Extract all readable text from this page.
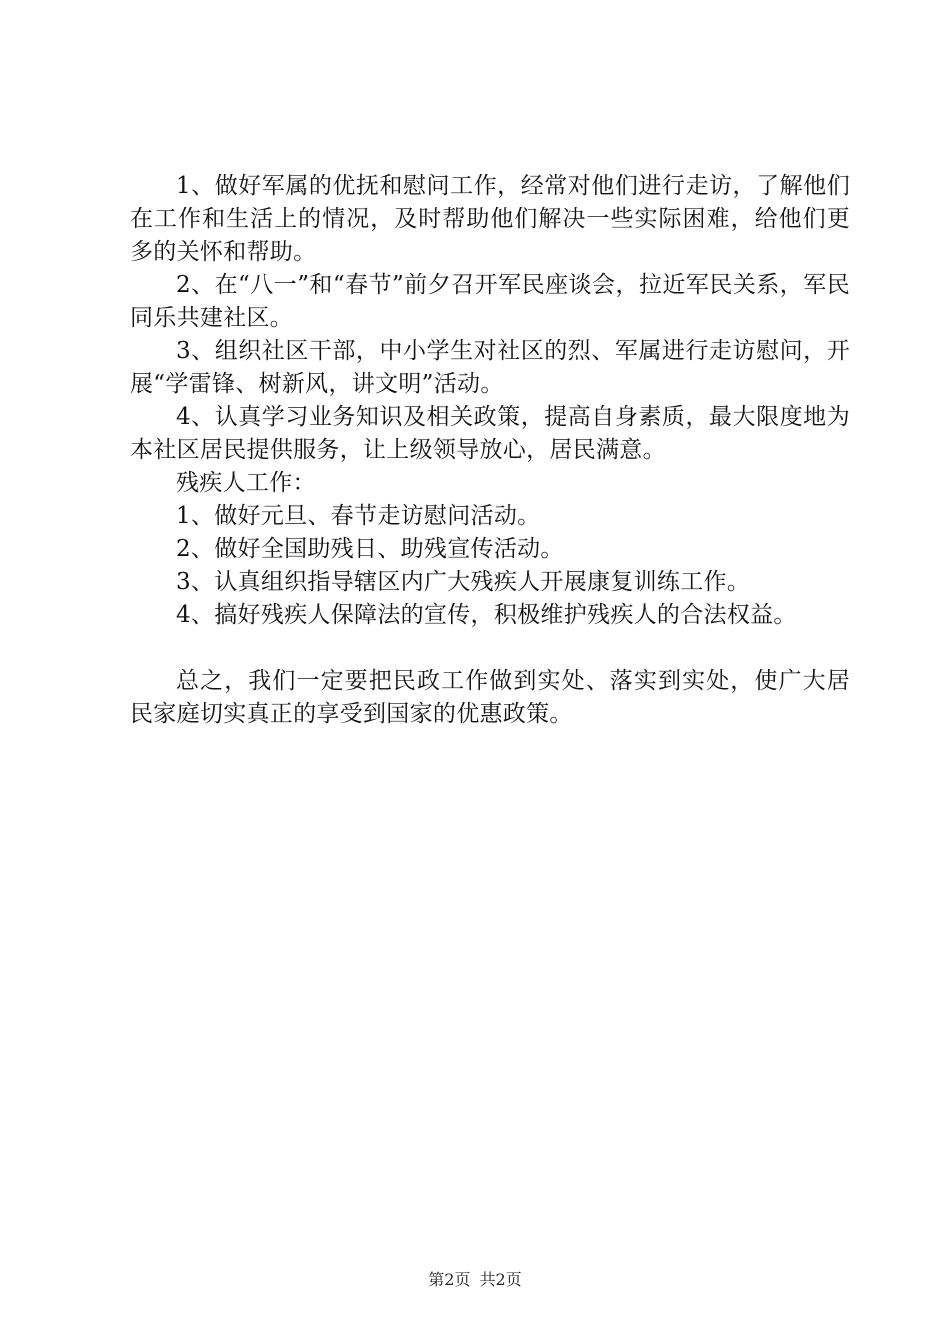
1、做好军属的优抚和慰问工作，经常对他们进行走访，了解他们在工作和生活上的情况，及时帮助他们解决一些实际困难，给他们更多的关怀和帮助。

2、在“八一”和“春节”前夕召开军民座谈会，拉近军民关系，军民同乐共建社区。

3、组织社区干部，中小学生对社区的烈、军属进行走访慰问，开展“学雷锋、树新风，讲文明”活动。

4、认真学习业务知识及相关政策，提高自身素质，最大限度地为本社区居民提供服务，让上级领导放心，居民满意。

残疾人工作：

1、做好元旦、春节走访慰问活动。

2、做好全国助残日、助残宣传活动。

3、认真组织指导辖区内广大残疾人开展康复训练工作。

4、搞好残疾人保障法的宣传，积极维护残疾人的合法权益。

总之，我们一定要把民政工作做到实处、落实到实处，使广大居民家庭切实真正的享受到国家的优惠政策。

第2页 共2页
